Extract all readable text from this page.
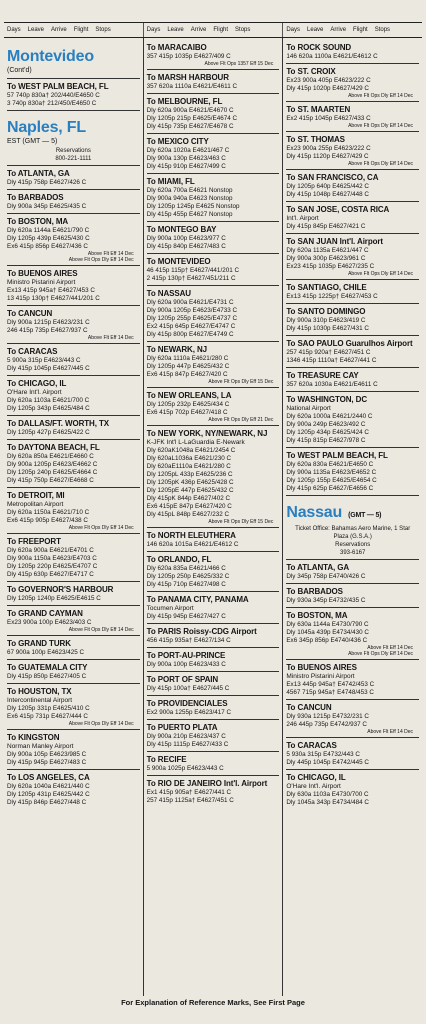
Days Leave Arrive Flight Stops	Days Leave Arrive Flight Stops	Days Leave Arrive Flight Stops
Montevideo
(Cont'd)
To WEST PALM BEACH, FL
57 740p 830a† 202/440/E4650 C
3 740p 830a† 212/450/E4650 C
Naples, FL
EST (GMT — 5)
Reservations
800-221-1111
To ATLANTA, GA
Dly 415p 758p E4627/426 C
To BARBADOS
Dly 900a 345p E4625/435 C
To BOSTON, MA
Dly 620a 1144a E4621/790 C
Dly 1205p 439p E4625/430 C
Ex6 415p 856p E4627/436 C
Above Flt Eff 14 Dec
Above Flt Ops Dly Eff 14 Dec
To BUENOS AIRES
Ministro Pistarini Airport
Ex13 415p 945a† E4627/453 C
13 415p 130p† E4627/441/201 C
To CANCUN
Dly 900a 1215p E4623/231 C
246 415p 735p E4627/937 C
Above Flt Eff 14 Dec
To CARACAS
5 900a 315p E4623/443 C
Dly 415p 1045p E4627/445 C
To CHICAGO, IL
O'Hare Int'l. Airport
Dly 620a 1103a E4621/700 C
Dly 1205p 343p E4625/484 C
To DALLAS/FT. WORTH, TX
Dly 1205p 427p E4625/422 C
To DAYTONA BEACH, FL
Dly 620a 850a E4621/E4660 C
Dly 900a 1205p E4623/E4662 C
Dly 1205p 240p E4625/E4664 C
Dly 415p 750p E4627/E4668 C
To DETROIT, MI
Metropolitan Airport
Dly 620a 1150a E4621/710 C
Ex6 415p 905p E4627/438 C
Above Flt Ops Dly Eff 14 Dec
To FREEPORT
Dly 620a 900a E4621/E4701 C
Dly 900a 1150a E4623/E4703 C
Dly 1205p 220p E4625/E4707 C
Dly 415p 630p E4627/E4717 C
To GOVERNOR'S HARBOUR
Dly 1205p 1240p E4625/E4615 C
To GRAND CAYMAN
Ex23 900a 100p E4623/403 C
Above Flt Ops Dly Eff 14 Dec
To GRAND TURK
67 900a 100p E4623/425 C
To GUATEMALA CITY
Dly 415p 850p E4627/405 C
To HOUSTON, TX
Intercontinental Airport
Dly 1205p 331p E4625/410 C
Ex6 415p 731p E4627/444 C
Above Flt Ops Dly Eff 14 Dec
To KINGSTON
Norman Manley Airport
Dly 900a 105p E4623/985 C
Dly 415p 945p E4627/483 C
To LOS ANGELES, CA
Dly 620a 1040a E4621/440 C
Dly 1205p 431p E4625/442 C
Dly 415p 846p E4627/448 C
To MARACAIBO
357 415p 1035p E4627/409 C
Above Flt Ops 1357 Eff 15 Dec
To MARSH HARBOUR
357 620a 1110a E4621/E4611 C
To MELBOURNE, FL
Dly 620a 900a E4621/E4670 C
Dly 1205p 215p E4625/E4674 C
Dly 415p 735p E4627/E4678 C
To MEXICO CITY
Dly 620a 1020a E4621/467 C
Dly 900a 130p E4623/463 C
Dly 415p 910p E4627/499 C
To MIAMI, FL
Dly 620a 700a E4621 Nonstop
Dly 900a 940a E4623 Nonstop
Dly 1205p 1245p E4625 Nonstop
Dly 415p 455p E4627 Nonstop
To MONTEGO BAY
Dly 900a 100p E4623/977 C
Dly 415p 840p E4627/483 C
To MONTEVIDEO
46 415p 115p† E4627/441/201 C
2 415p 130p† E4627/451/211 C
To NASSAU
Dly 620a 900a E4621/E4731 C
Dly 900a 1205p E4623/E4733 C
Dly 1205p 255p E4625/E4737 C
Ex2 415p 645p E4627/E4747 C
Dly 415p 800p E4627/E4749 C
To NEWARK, NJ
Dly 620a 1110a E4621/280 C
Dly 1205p 447p E4625/432 C
Ex6 415p 847p E4627/420 C
Above Flt Ops Dly Eff 15 Dec
To NEW ORLEANS, LA
Dly 1205p 232p E4625/434 C
Ex6 415p 702p E4627/418 C
Above Flt Ops Dly Eff 21 Dec
To NEW YORK, NY/NEWARK, NJ
K-JFK Int'l L-LaGuardia E-Newark
Dly 620aK1048a E4621/2454 C
Dly 620aL1036a E4621/230 C
Dly 620aE1110a E4621/280 C
Dly 1205pL 433p E4625/236 C
Dly 1205pK 436p E4625/428 C
Dly 1205pE 447p E4625/432 C
Dly 415pK 844p E4627/402 C
Ex6 415pE 847p E4627/420 C
Dly 415pL 848p E4627/232 C
Above Flt Ops Dly Eff 15 Dec
To NORTH ELEUTHERA
146 620a 1015a E4621/E4612 C
To ORLANDO, FL
Dly 620a 835a E4621/466 C
Dly 1205p 250p E4625/332 C
Dly 415p 710p E4627/498 C
To PANAMA CITY, PANAMA
Tocumen Airport
Dly 415p 945p E4627/427 C
To PARIS Roissy-CDG Airport
456 415p 935a† E4627/134 C
To PORT-AU-PRINCE
Dly 900a 100p E4623/433 C
To PORT OF SPAIN
Dly 415p 100a† E4627/445 C
To PROVIDENCIALES
Ex2 900a 1255p E4623/417 C
To PUERTO PLATA
Dly 900a 210p E4623/437 C
Dly 415p 1115p E4627/433 C
To RECIFE
5 900a 1025p E4623/443 C
To RIO DE JANEIRO Int'l. Airport
Ex1 415p 905a† E4627/441 C
257 415p 1125a† E4627/451 C
To ROCK SOUND
146 620a 1100a E4621/E4612 C
To ST. CROIX
Ex23 900a 405p E4623/222 C
Dly 415p 1020p E4627/429 C
Above Flt Ops Dly Eff 14 Dec
To ST. MAARTEN
Ex2 415p 1045p E4627/433 C
Above Flt Ops Dly Eff 14 Dec
To ST. THOMAS
Ex23 900a 255p E4623/222 C
Dly 415p 1120p E4627/429 C
Above Flt Ops Dly Eff 14 Dec
To SAN FRANCISCO, CA
Dly 1205p 640p E4625/442 C
Dly 415p 1048p E4627/448 C
To SAN JOSE, COSTA RICA
Int'l. Airport
Dly 415p 845p E4627/421 C
To SAN JUAN Int'l. Airport
Dly 620a 1135a E4621/447 C
Dly 900a 300p E4623/961 C
Ex23 415p 1035p E4627/235 C
Above Flt Ops Dly Eff 14 Dec
To SANTIAGO, CHILE
Ex13 415p 1225p† E4627/453 C
To SANTO DOMINGO
Dly 900a 310p E4623/419 C
Dly 415p 1030p E4627/431 C
To SAO PAULO Guarulhos Airport
257 415p 920a† E4627/451 C
1346 415p 1110a† E4627/441 C
To TREASURE CAY
357 620a 1030a E4621/E4611 C
To WASHINGTON, DC
National Airport
Dly 620a 1000a E4621/2440 C
Dly 900a 249p E4623/492 C
Dly 1205p 434p E4625/424 C
Dly 415p 815p E4627/978 C
To WEST PALM BEACH, FL
Dly 620a 830a E4621/E4650 C
Dly 900a 1135a E4623/E4652 C
Dly 1205p 155p E4625/E4654 C
Dly 415p 625p E4627/E4656 C
Nassau (GMT — 5)
Ticket Office: Bahamas Aero Marine, 1 Star
Plaza (G.S.A.)
Reservations
393-6167
To ATLANTA, GA
Dly 345p 758p E4740/426 C
To BARBADOS
Dly 930a 345p E4732/435 C
To BOSTON, MA
Dly 630a 1144a E4730/790 C
Dly 1045a 439p E4734/430 C
Ex6 345p 856p E4740/436 C
Above Flt Eff 14 Dec
Above Flt Ops Dly Eff 14 Dec
To BUENOS AIRES
Ministro Pistarini Airport
Ex13 445p 945a† E4742/453 C
4567 715p 945a† E4748/453 C
To CANCUN
Dly 930a 1215p E4732/231 C
246 445p 735p E4742/937 C
Above Flt Eff 14 Dec
To CARACAS
5 930a 315p E4732/443 C
Dly 445p 1045p E4742/445 C
To CHICAGO, IL
O'Hare Int'l. Airport
Dly 630a 1103a E4730/700 C
Dly 1045a 343p E4734/484 C
For Explanation of Reference Marks, See First Page
